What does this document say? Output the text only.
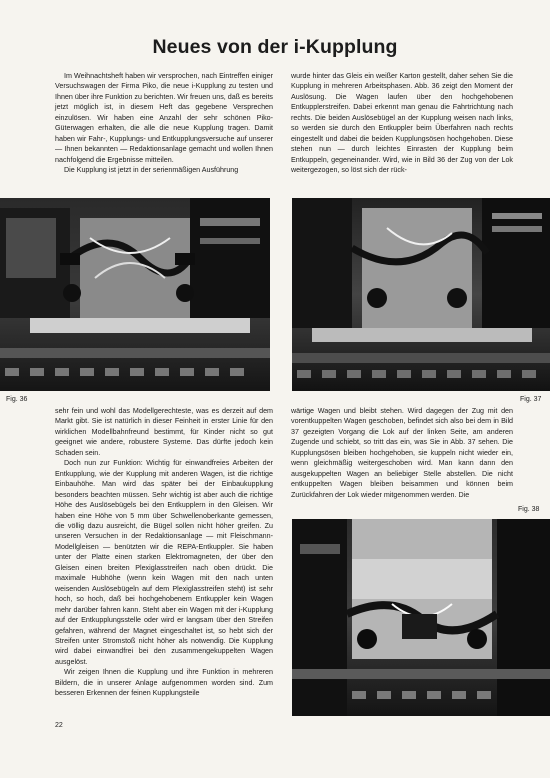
Neues von der i-Kupplung

Im Weihnachtsheft haben wir versprochen, nach Eintreffen einiger Versuchswagen der Firma Piko, die neue i-Kupplung zu testen und Ihnen über ihre Funktion zu berichten. Wir freuen uns, daß es bereits jetzt möglich ist, in diesem Heft das gegebene Versprechen einzulösen. Wir haben eine Anzahl der sehr schönen Piko-Güterwagen erhalten, die alle die neue Kupplung tragen. Damit haben wir Fahr-, Kupplungs- und Entkupplungsversuche auf unserer — Ihnen bekannten — Redaktionsanlage gemacht und wollen Ihnen nachfolgend die Ergebnisse mitteilen.

Die Kupplung ist jetzt in der serienmäßigen Ausführung

wurde hinter das Gleis ein weißer Karton gestellt, daher sehen Sie die Kupplung in mehreren Arbeitsphasen. Abb. 36 zeigt den Moment der Auslösung. Die Wagen laufen über den hochgehobenen Entkupplerstreifen. Dabei erkennt man genau die Fahrtrichtung nach rechts. Die beiden Auslösebügel an der Kupplung weisen nach links, so werden sie durch den Entkuppler beim Überfahren nach rechts eingestellt und dabei die beiden Kupplungsösen hochgehoben. Diese stehen nun — durch leichtes Einrasten der Kupplung beim Entkuppeln, gegeneinander. Wird, wie in Bild 36 der Zug von der Lok weitergezogen, so löst sich der rück-

Fig. 36	Fig. 37

sehr fein und wohl das Modellgerechteste, was es derzeit auf dem Markt gibt. Sie ist natürlich in dieser Feinheit in erster Linie für den wirklichen Modellbahnfreund bestimmt, für Kinder nicht so gut geeignet wie andere, robustere Systeme. Das dürfte jedoch kein Schaden sein.

Doch nun zur Funktion: Wichtig für einwandfreies Arbeiten der Entkupplung, wie der Kupplung mit anderen Wagen, ist die richtige Einbauhöhe. Man wird das später bei der Einbaukupplung besonders beachten müssen. Sehr wichtig ist aber auch die richtige Höhe des Auslösebügels bei den Entkupplern in den Gleisen. Wir haben eine Höhe von 5 mm über Schwellenoberkante gemessen, die völlig dazu ausreicht, die Bügel sollen nicht höher greifen. Zu unseren Versuchen in der Redaktionsanlage — mit Fleischmann-Modellgleisen — benützten wir die REPA-Entkuppler. Sie haben unter der Platte einen starken Elektromagneten, der über den Gleisen einen breiten Plexiglasstreifen nach oben drückt. Die maximale Hubhöhe (wenn kein Wagen mit den nach unten weisenden Auslösebügeln auf dem Plexiglasstreifen steht) ist sehr hoch, so hoch, daß bei hochgehobenem Entkuppler kein Wagen mehr darüber fahren kann. Steht aber ein Wagen mit der i-Kupplung auf der Entkupplungsstelle oder wird er langsam über den Streifen gefahren, während der Magnet eingeschaltet ist, so hebt sich der Streifen unter Stromstoß nicht höher als notwendig. Die Kupplung wird dabei einwandfrei bei den zusammengekuppelten Wagen ausgelöst.

Wir zeigen Ihnen die Kupplung und ihre Funktion in mehreren Bildern, die in unserer Anlage aufgenommen worden sind. Zum besseren Erkennen der feinen Kupplungsteile

wärtige Wagen und bleibt stehen. Wird dagegen der Zug mit den vorentkuppelten Wagen geschoben, befindet sich also bei dem in Bild 37 gezeigten Vorgang die Lok auf der linken Seite, am anderen Zugende und schiebt, so tritt das ein, was Sie in Abb. 37 sehen. Die Kupplungsösen bleiben hochgehoben, sie kuppeln nicht wieder ein, wenn gleichmäßig weitergeschoben wird. Man kann dann den ausgekuppelten Wagen an beliebiger Stelle abstellen. Die nicht entkuppelten Wagen bleiben beisammen und können beim Zurückfahren der Lok wieder mitgenommen werden. Die

Fig. 38

22
